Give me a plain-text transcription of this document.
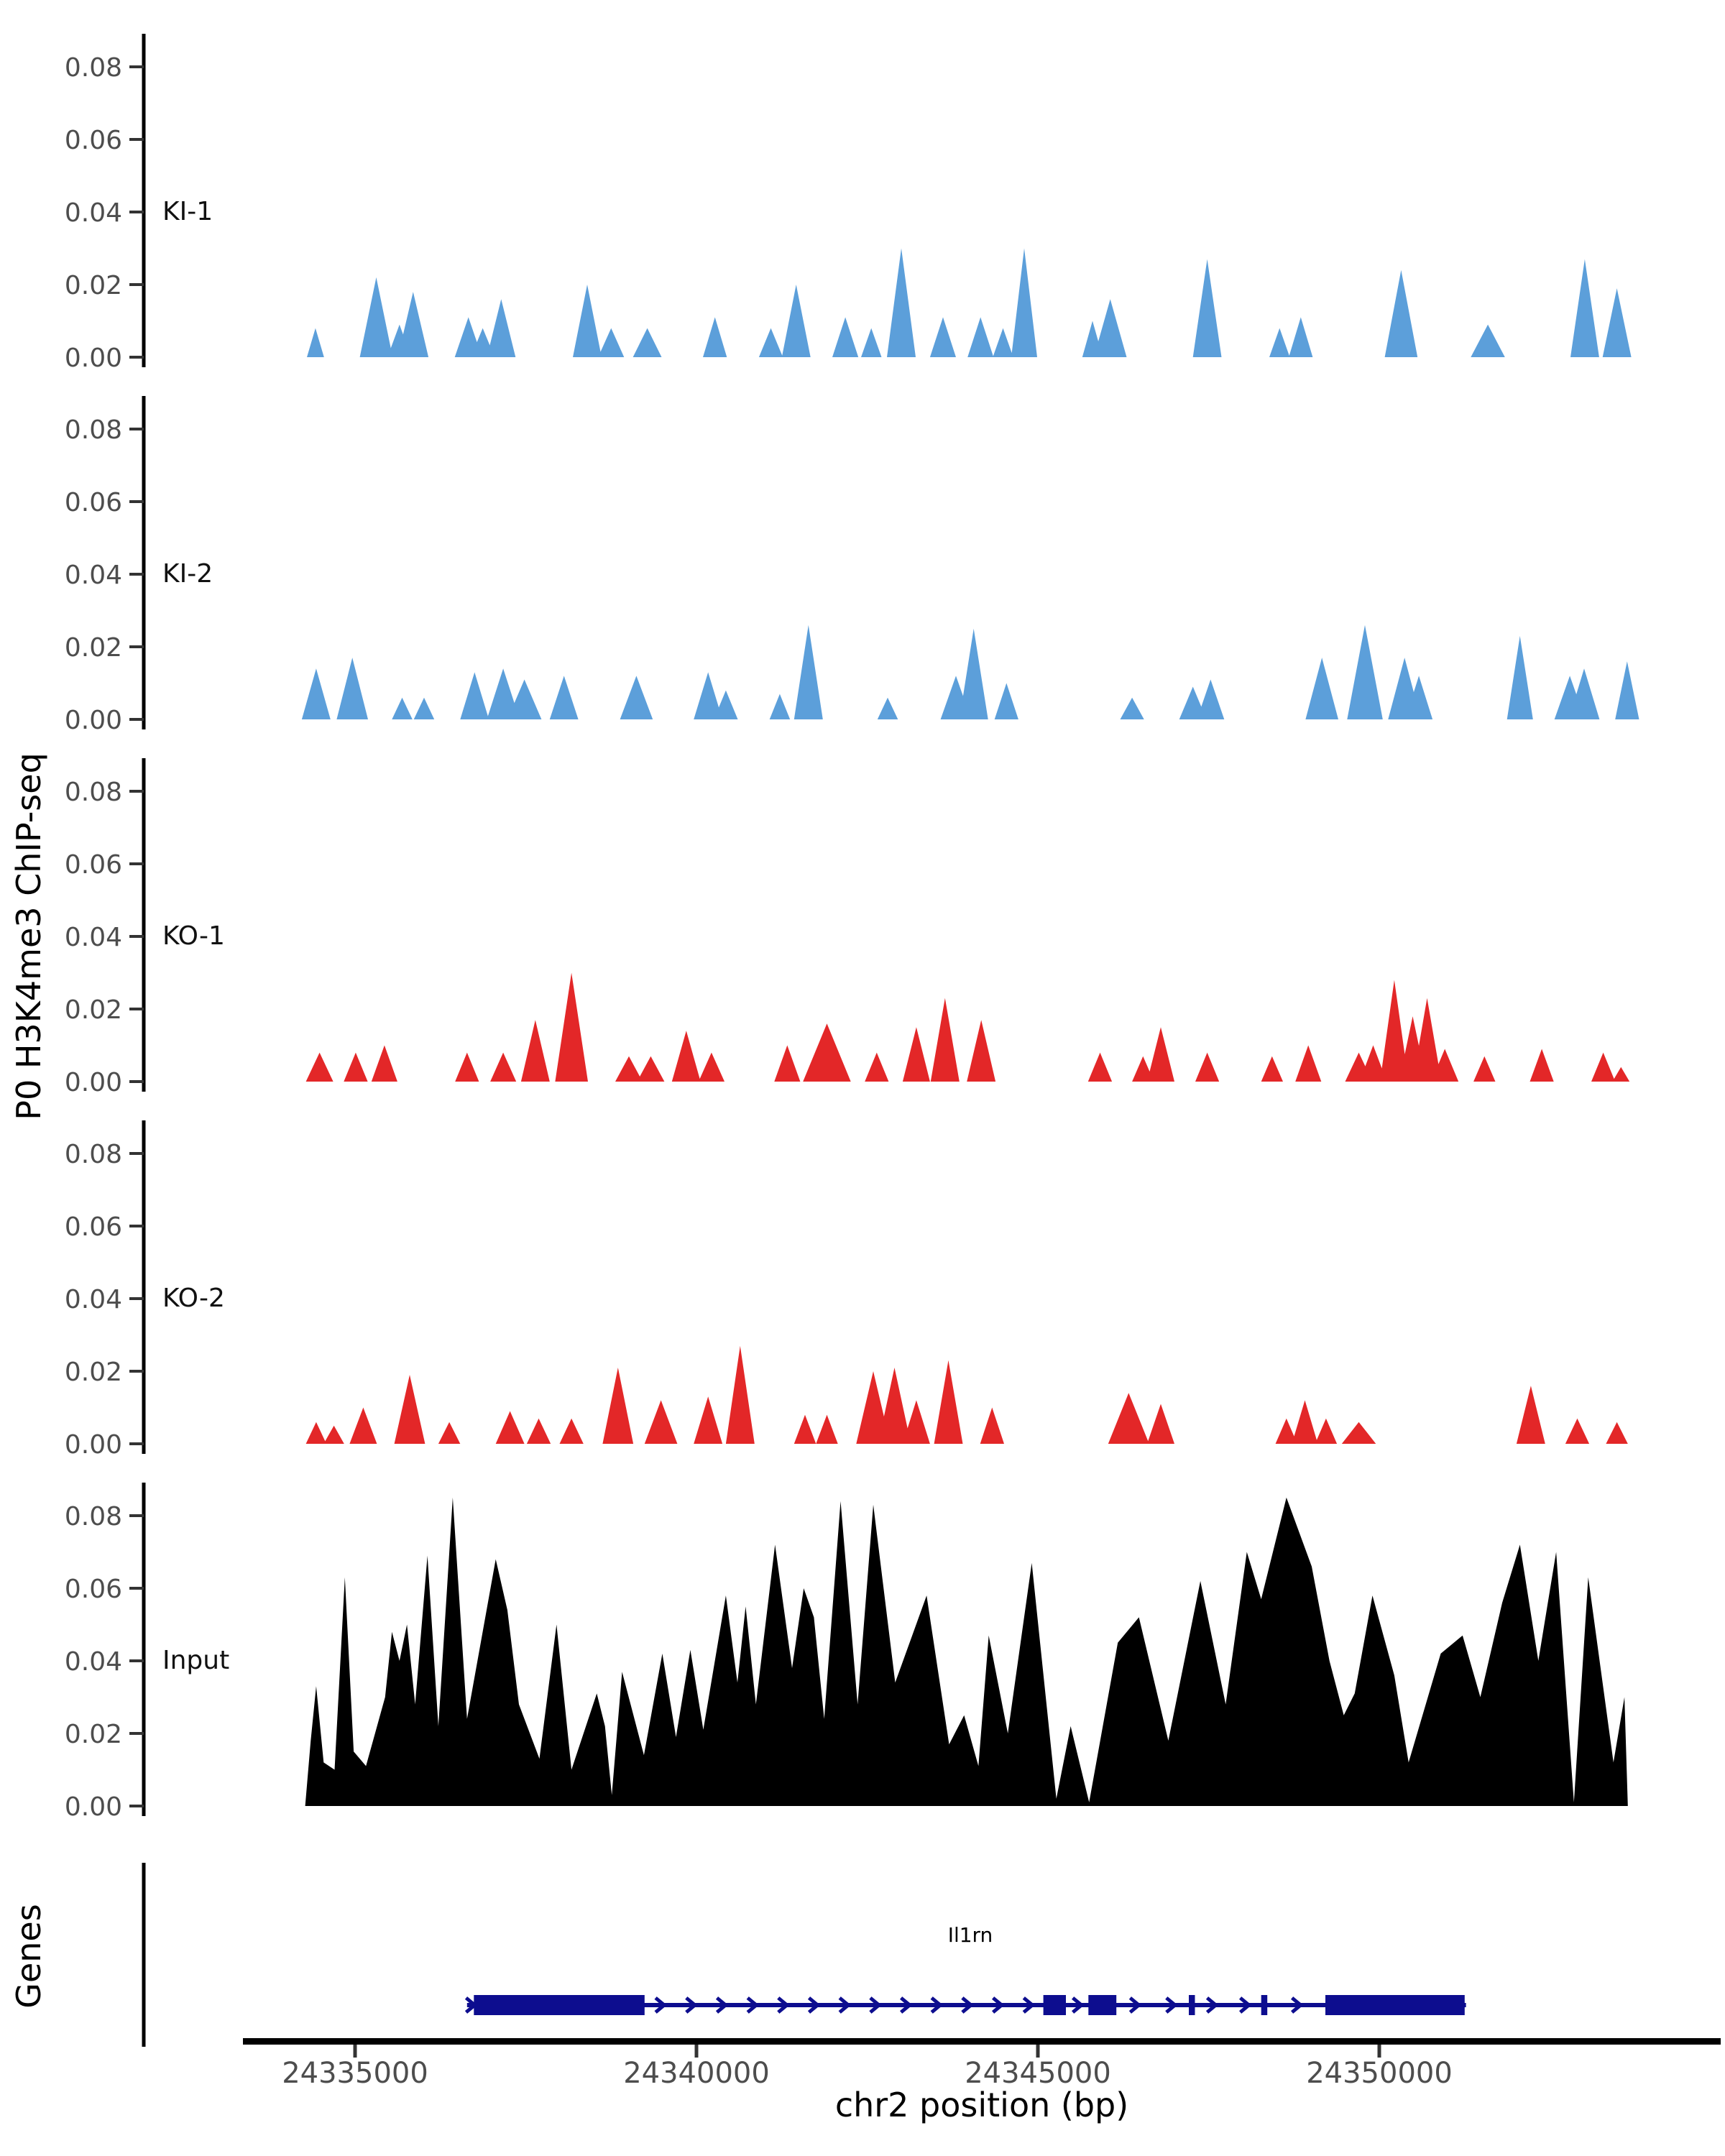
0.08
0.06
0.04
0.02
0.00
0.08
0.06
0.04
0.02
0.00
0.08
0.06
0.04
0.02
0.00
0.08
0.06
0.04
0.02
0.00
0.08
0.06
0.04
0.02
0.00
24335000	24340000	24345000	24350000
P0 H3K4me3 ChIP-seq
KI-1
KI-2
KO-1
KO-2
Input
Genes	Il1rn
chr2 position (bp)
